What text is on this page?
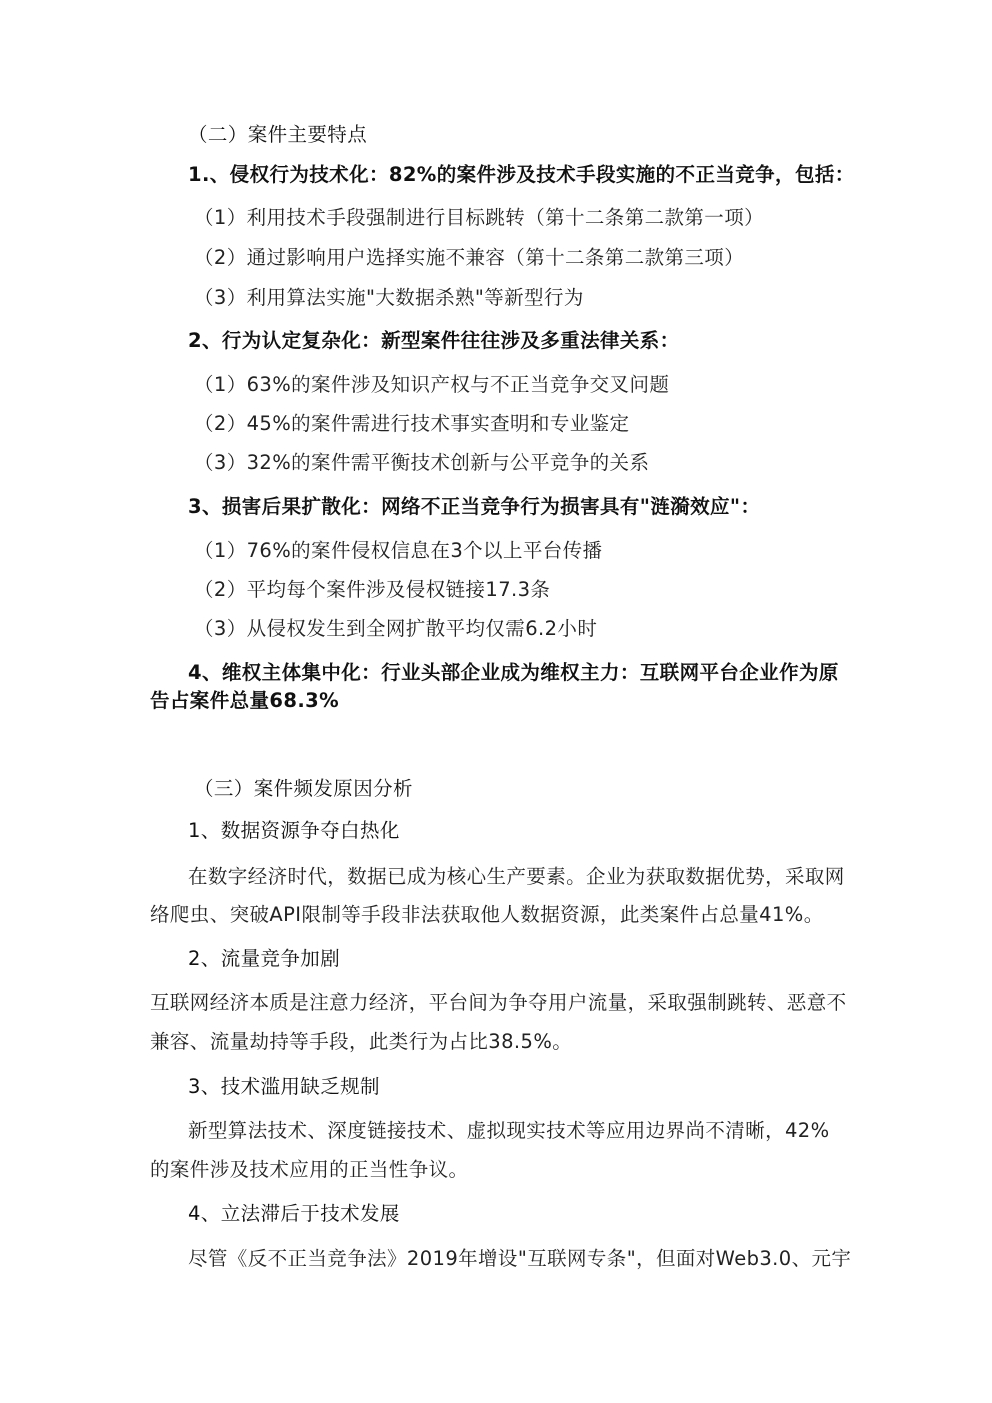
（二）案件主要特点
1.、侵权行为技术化：82%的案件涉及技术手段实施的不正当竞争，包括：
（1）利用技术手段强制进行目标跳转（第十二条第二款第一项）
（2）通过影响用户选择实施不兼容（第十二条第二款第三项）
（3）利用算法实施"大数据杀熟"等新型行为
2、行为认定复杂化：新型案件往往涉及多重法律关系：
（1）63%的案件涉及知识产权与不正当竞争交叉问题
（2）45%的案件需进行技术事实查明和专业鉴定
（3）32%的案件需平衡技术创新与公平竞争的关系
3、损害后果扩散化：网络不正当竞争行为损害具有"涟漪效应"：
（1）76%的案件侵权信息在3个以上平台传播
（2）平均每个案件涉及侵权链接17.3条
（3）从侵权发生到全网扩散平均仅需6.2小时
4、维权主体集中化：行业头部企业成为维权主力：互联网平台企业作为原
告占案件总量68.3%
（三）案件频发原因分析
1、数据资源争夺白热化
在数字经济时代，数据已成为核心生产要素。企业为获取数据优势，采取网
络爬虫、突破API限制等手段非法获取他人数据资源，此类案件占总量41%。
2、流量竞争加剧
互联网经济本质是注意力经济，平台间为争夺用户流量，采取强制跳转、恶意不
兼容、流量劫持等手段，此类行为占比38.5%。
3、技术滥用缺乏规制
新型算法技术、深度链接技术、虚拟现实技术等应用边界尚不清晰，42%
的案件涉及技术应用的正当性争议。
4、立法滞后于技术发展
尽管《反不正当竞争法》2019年增设"互联网专条"，但面对Web3.0、元宇
